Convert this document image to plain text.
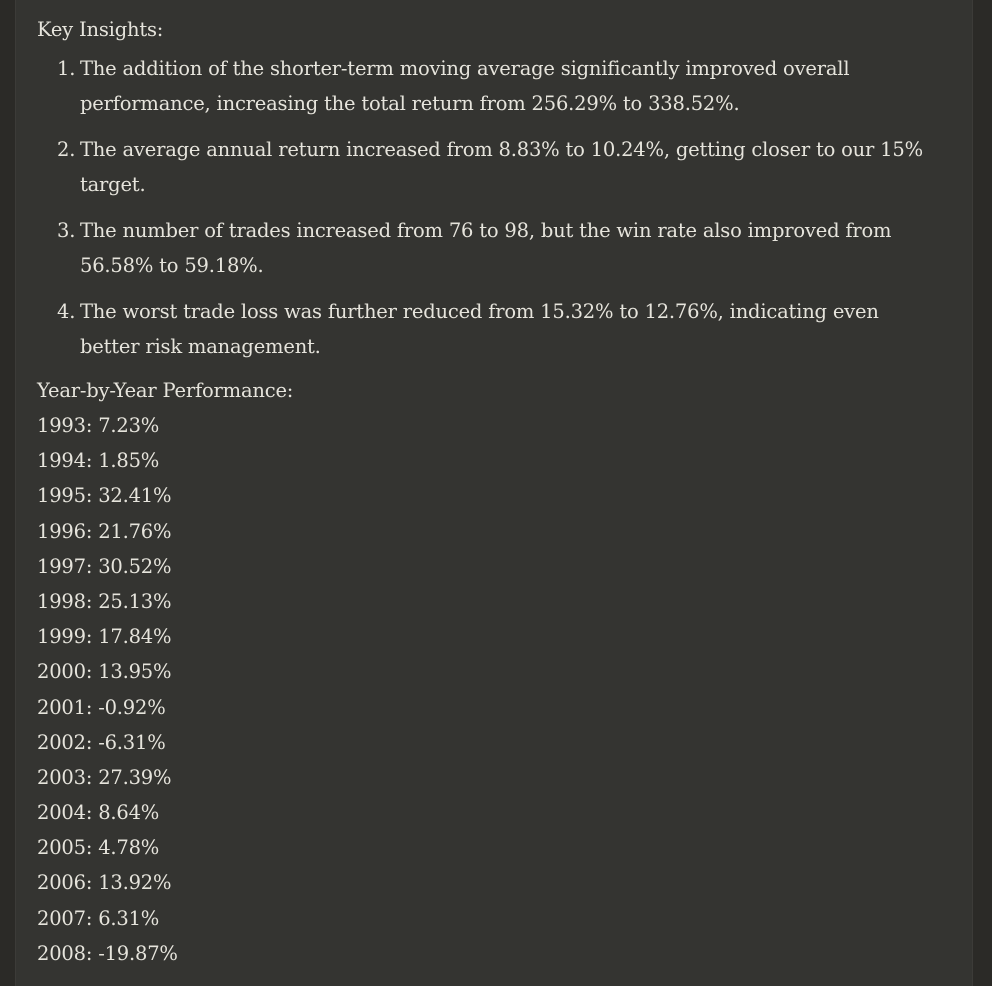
Key Insights:
1. The addition of the shorter-term moving average significantly improved overall
performance, increasing the total return from 256.29% to 338.52%.
2. The average annual return increased from 8.83% to 10.24%, getting closer to our 15%
target.
3. The number of trades increased from 76 to 98, but the win rate also improved from
56.58% to 59.18%.
4. The worst trade loss was further reduced from 15.32% to 12.76%, indicating even
better risk management.
Year-by-Year Performance:
1993: 7.23%
1994: 1.85%
1995: 32.41%
1996: 21.76%
1997: 30.52%
1998: 25.13%
1999: 17.84%
2000: 13.95%
2001: -0.92%
2002: -6.31%
2003: 27.39%
2004: 8.64%
2005: 4.78%
2006: 13.92%
2007: 6.31%
2008: -19.87%
